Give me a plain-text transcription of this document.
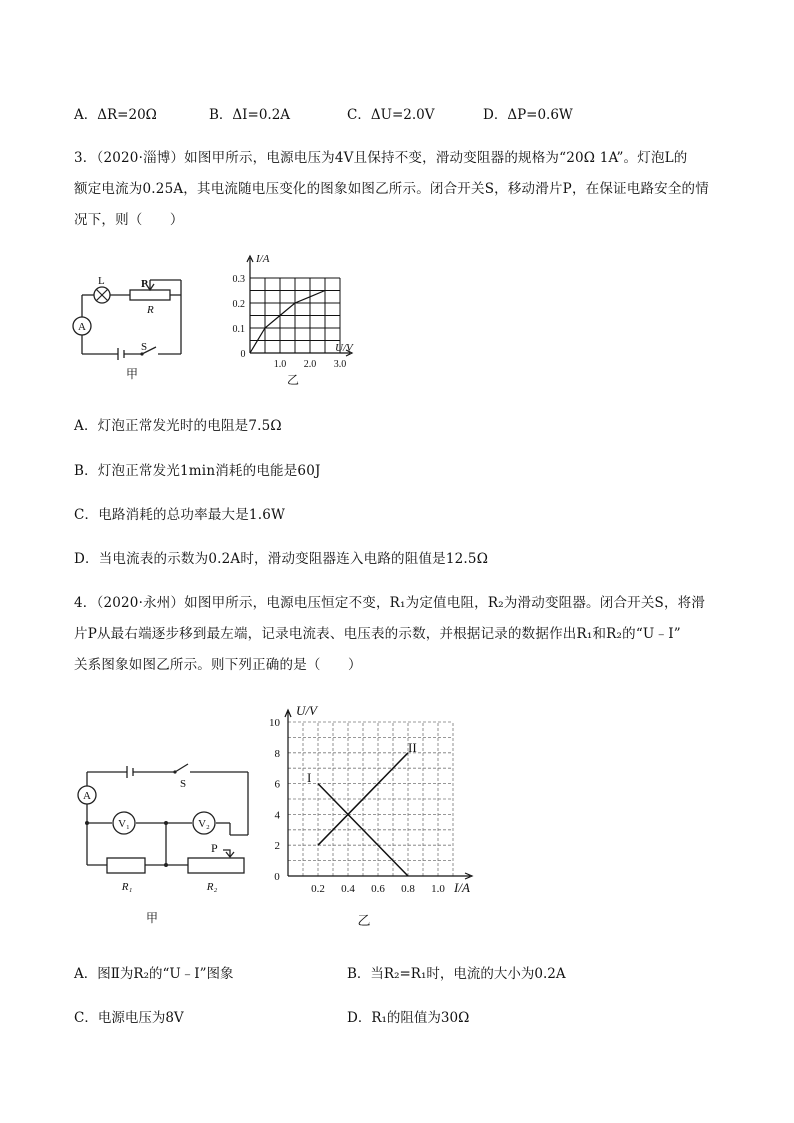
A．ΔR=20Ω	B．ΔI=0.2A	C．ΔU=2.0V	D．ΔP=0.6W
3．（2020·淄博）如图甲所示，电源电压为4V且保持不变，滑动变阻器的规格为“20Ω 1A”。灯泡L的
额定电流为0.25A，其电流随电压变化的图象如图乙所示。闭合开关S，移动滑片P，在保证电路安全的情
况下，则（　　）
A
L	P
R
S
甲
0.1
0.2
0.3
1.0 2.0 3.0
I/A
U/V
0
乙
A．灯泡正常发光时的电阻是7.5Ω
B．灯泡正常发光1min消耗的电能是60J
C．电路消耗的总功率最大是1.6W
D．当电流表的示数为0.2A时，滑动变阻器连入电路的阻值是12.5Ω
4．（2020·永州）如图甲所示，电源电压恒定不变，R₁为定值电阻，R₂为滑动变阻器。闭合开关S，将滑
片P从最右端逐步移到最左端，记录电流表、电压表的示数，并根据记录的数据作出R₁和R₂的“U﹣I”
关系图象如图乙所示。则下列正确的是（　　）
A
V₁	V₂
S
P
R₁	R₂
甲
2
4
6
8
10
0.2 0.4 0.6 0.8 1.0
U/V
I/A
0
I
II
乙
A．图Ⅱ为R₂的“U﹣I”图象	B．当R₂=R₁时，电流的大小为0.2A
C．电源电压为8V	D．R₁的阻值为30Ω
